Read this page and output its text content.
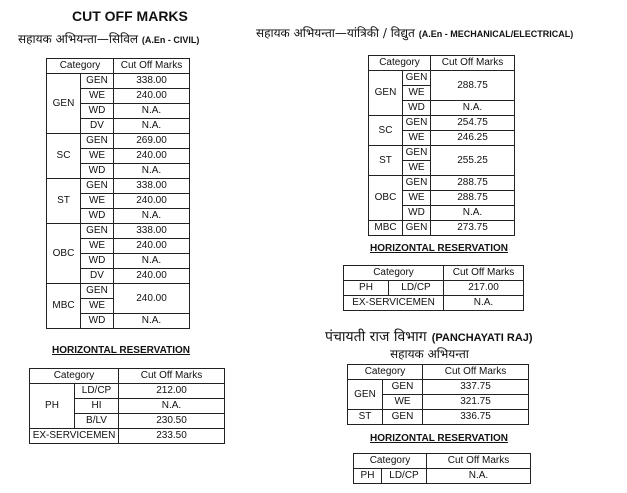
CUT OFF MARKS
सहायक अभियन्ता—सिविल (A.En - CIVIL)
Category		Cut Off Marks
GEN	GEN	338.00
	WE	240.00
	WD	N.A.
	DV	N.A.
SC	GEN	269.00
	WE	240.00
	WD	N.A.
ST	GEN	338.00
	WE	240.00
	WD	N.A.
OBC	GEN	338.00
	WE	240.00
	WD	N.A.
	DV	240.00
MBC	GEN	240.00
	WE	
	WD	N.A.
HORIZONTAL RESERVATION
Category		Cut Off Marks
PH	LD/CP	212.00
	HI	N.A.
	B/LV	230.50
EX-SERVICEMEN		233.50
सहायक अभियन्ता—यांत्रिकी / विद्युत (A.En - MECHANICAL/ELECTRICAL)
Category		Cut Off Marks
GEN	GEN	288.75
	WE	
	WD	N.A.
SC	GEN	254.75
	WE	246.25
ST	GEN	255.25
	WE	
OBC	GEN	288.75
	WE	288.75
	WD	N.A.
MBC	GEN	273.75
HORIZONTAL RESERVATION
Category		Cut Off Marks
PH	LD/CP	217.00
EX-SERVICEMEN		N.A.
पंचायती राज विभाग (PANCHAYATI RAJ)
सहायक अभियन्ता
Category		Cut Off Marks
GEN	GEN	337.75
	WE	321.75
ST	GEN	336.75
HORIZONTAL RESERVATION
Category		Cut Off Marks
PH	LD/CP	N.A.
